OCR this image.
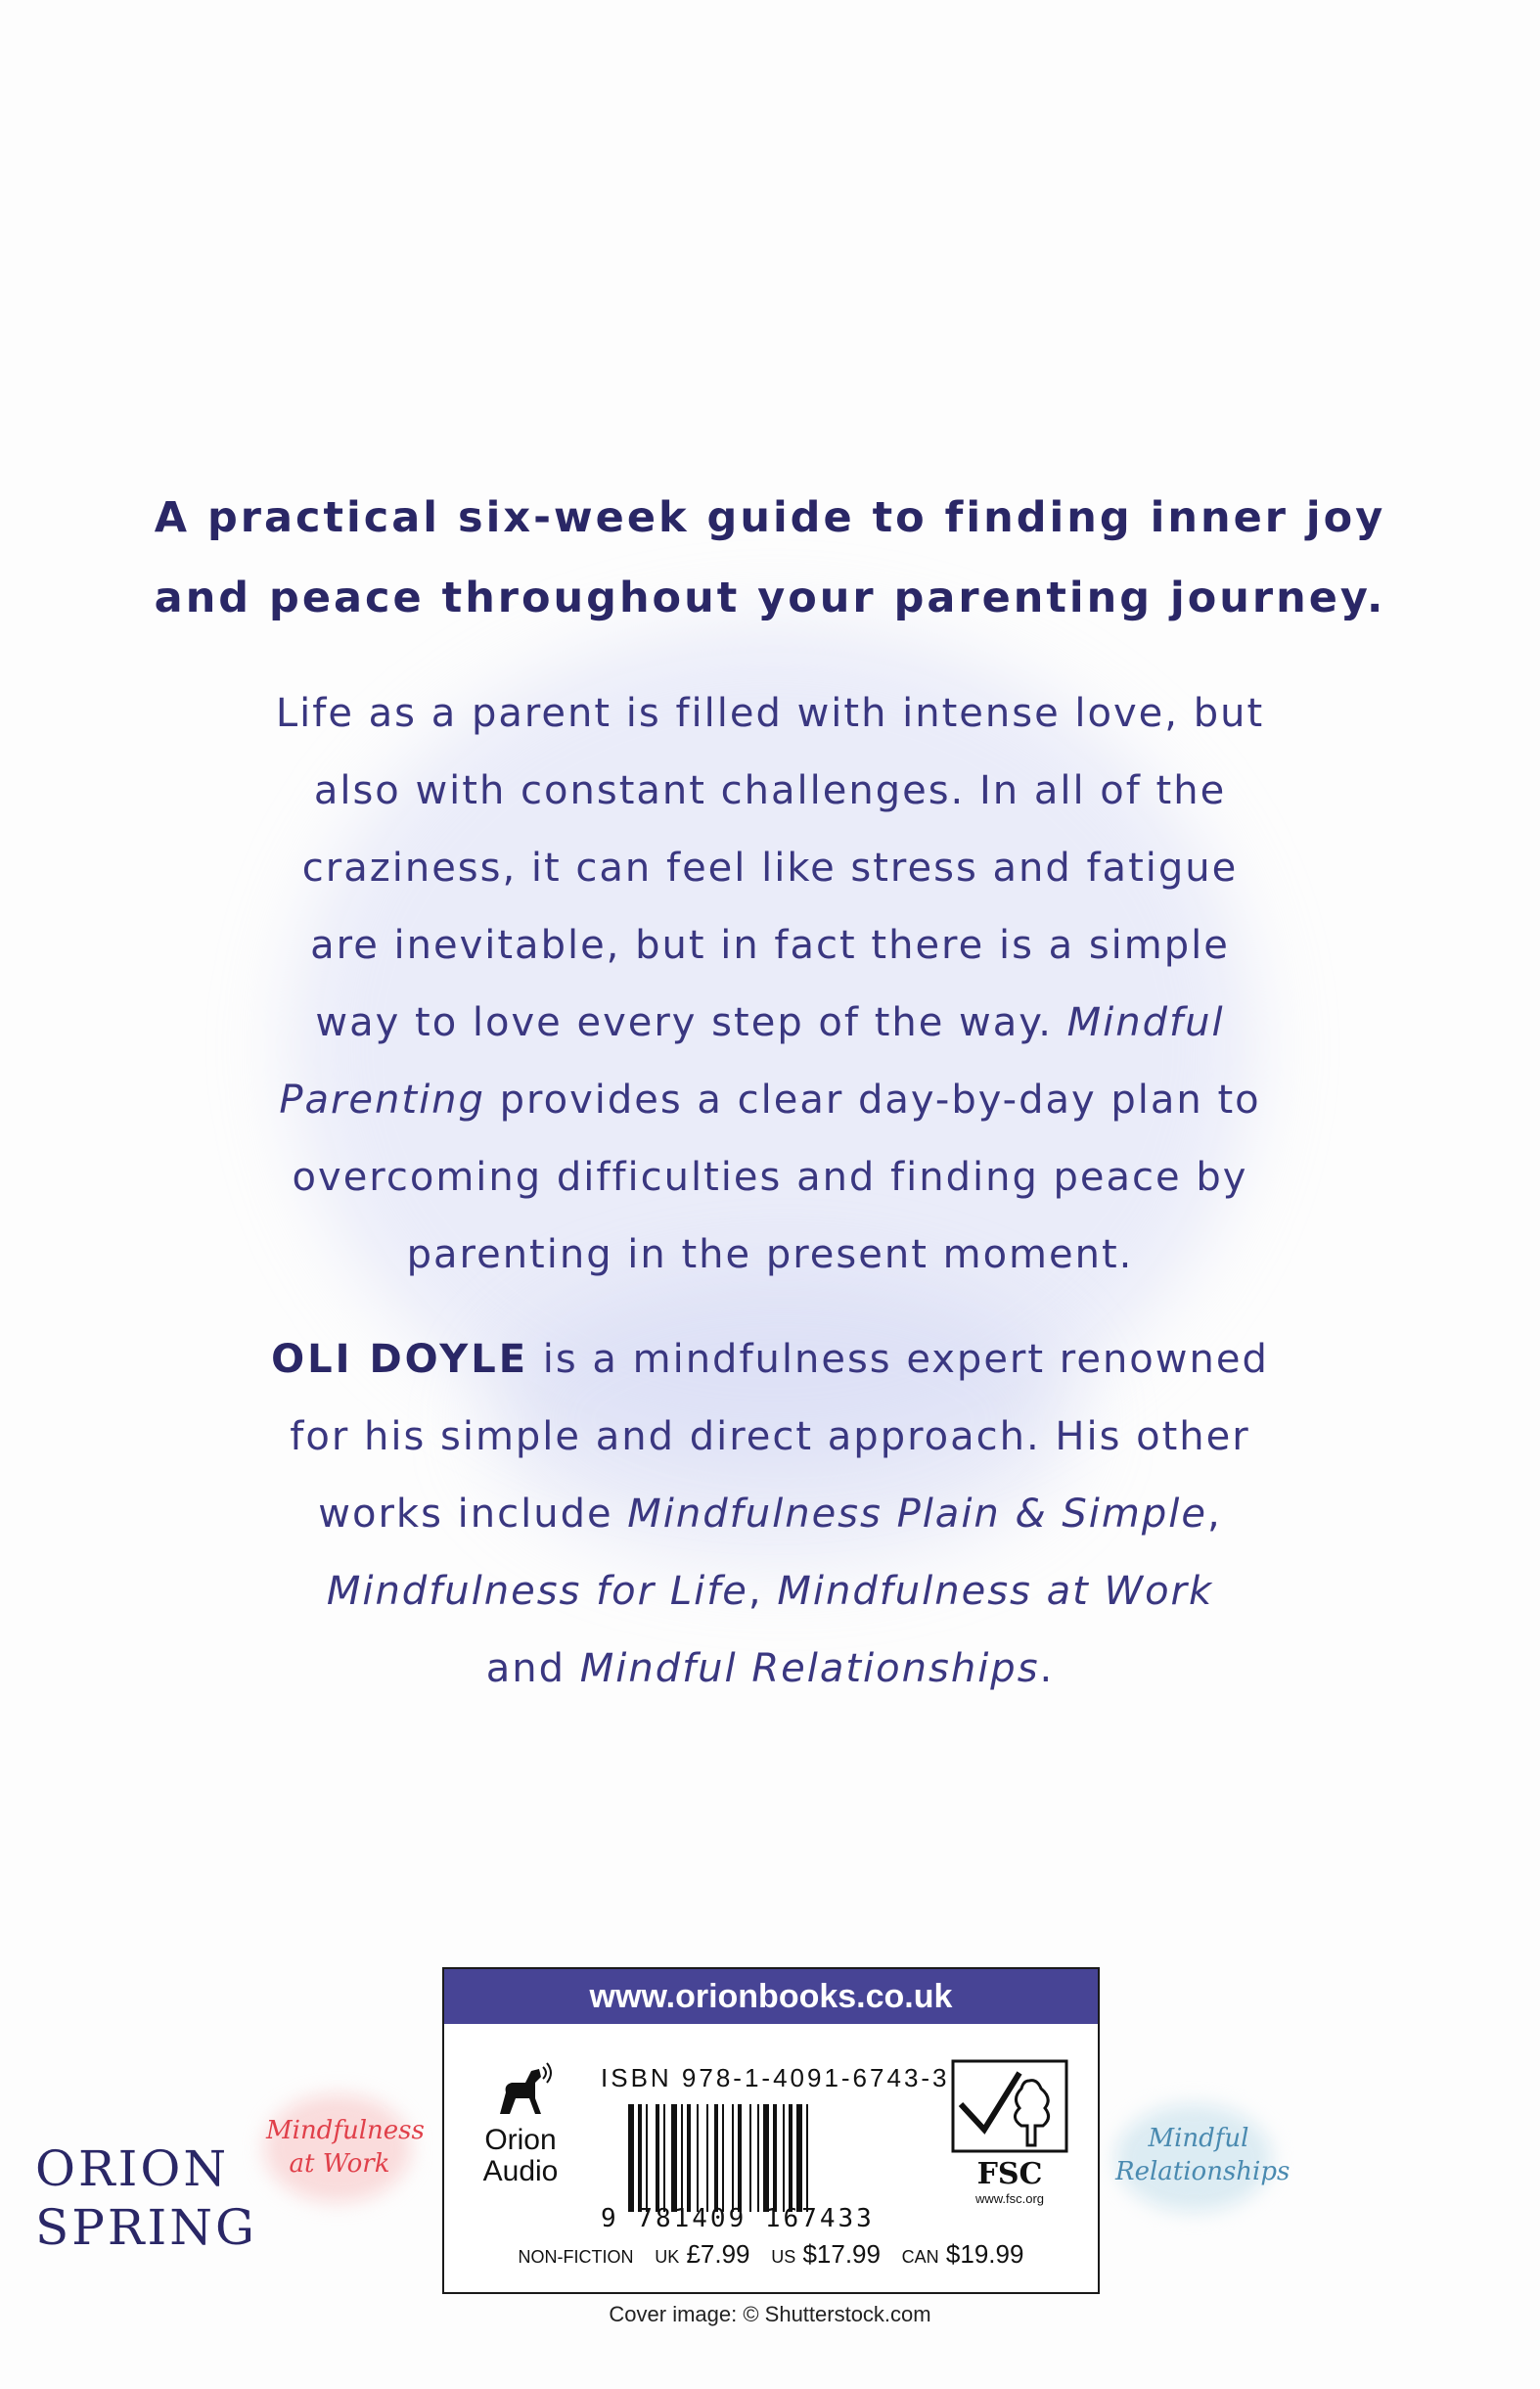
A practical six-week guide to finding inner joy
and peace throughout your parenting journey.
Life as a parent is filled with intense love, but
also with constant challenges. In all of the
craziness, it can feel like stress and fatigue
are inevitable, but in fact there is a simple
way to love every step of the way. Mindful
Parenting provides a clear day-by-day plan to
overcoming difficulties and finding peace by
parenting in the present moment.
OLI DOYLE is a mindfulness expert renowned
for his simple and direct approach. His other
works include Mindfulness Plain & Simple,
Mindfulness for Life, Mindfulness at Work
and Mindful Relationships.
ORION
SPRING
Mindfulness at Work
Mindful Relationships
www.orionbooks.co.uk
Orion
Audio
ISBN 978-1-4091-6743-3
9 781409 167433
FSC
www.fsc.org
NON-FICTION UK £7.99 US $17.99 CAN $19.99
Cover image: © Shutterstock.com
